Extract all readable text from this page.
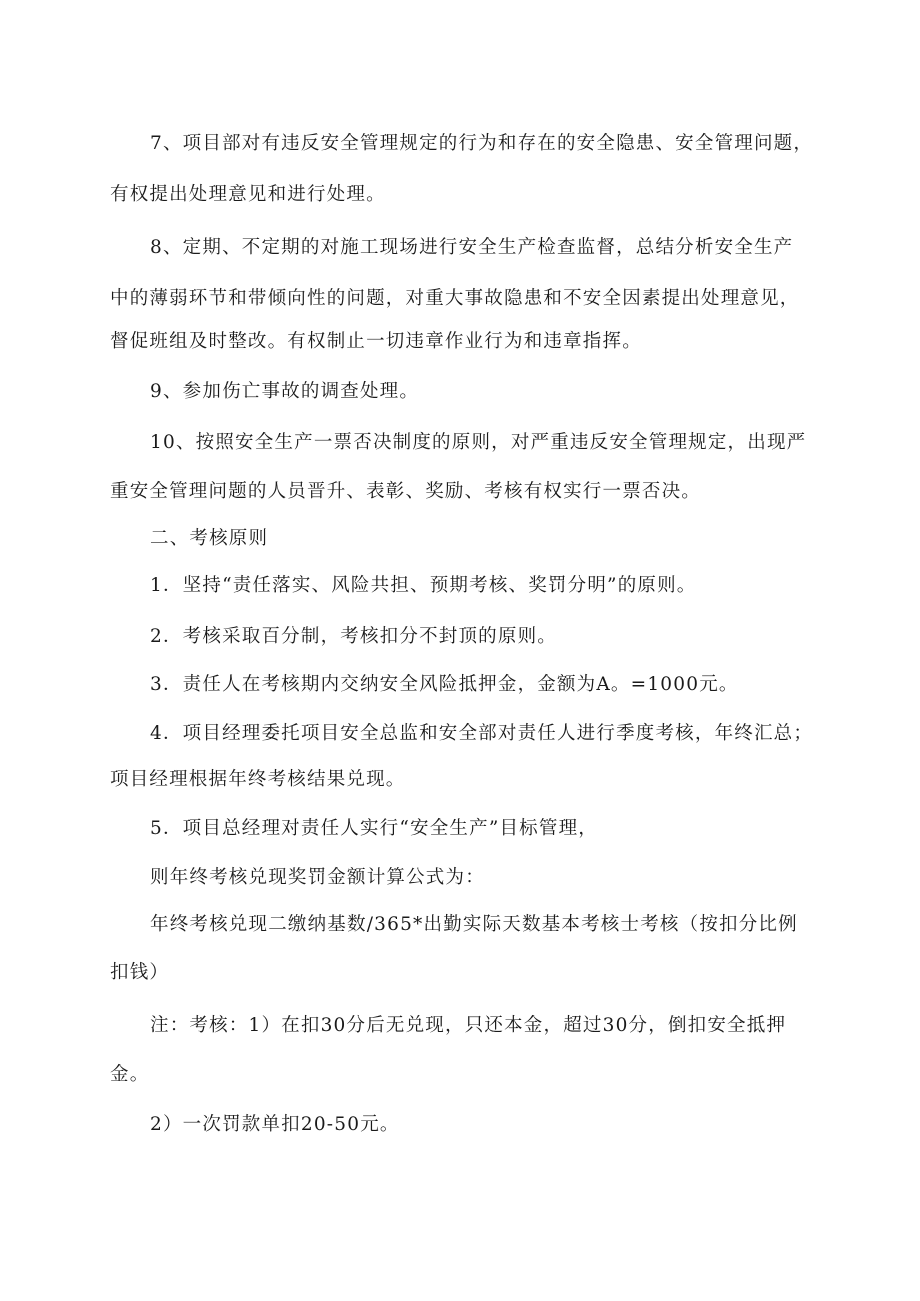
7、项目部对有违反安全管理规定的行为和存在的安全隐患、安全管理问题，
有权提出处理意见和进行处理。
8、定期、不定期的对施工现场进行安全生产检查监督，总结分析安全生产
中的薄弱环节和带倾向性的问题，对重大事故隐患和不安全因素提出处理意见，
督促班组及时整改。有权制止一切违章作业行为和违章指挥。
9、参加伤亡事故的调查处理。
10、按照安全生产一票否决制度的原则，对严重违反安全管理规定，出现严
重安全管理问题的人员晋升、表彰、奖励、考核有权实行一票否决。
二、考核原则
1．坚持“责任落实、风险共担、预期考核、奖罚分明”的原则。
2．考核采取百分制，考核扣分不封顶的原则。
3．责任人在考核期内交纳安全风险抵押金，金额为A。=1000元。
4．项目经理委托项目安全总监和安全部对责任人进行季度考核，年终汇总；
项目经理根据年终考核结果兑现。
5．项目总经理对责任人实行“安全生产”目标管理，
则年终考核兑现奖罚金额计算公式为：
年终考核兑现二缴纳基数/365*出勤实际天数基本考核士考核（按扣分比例
扣钱）
注：考核：1）在扣30分后无兑现，只还本金，超过30分，倒扣安全抵押
金。
2）一次罚款单扣20-50元。
